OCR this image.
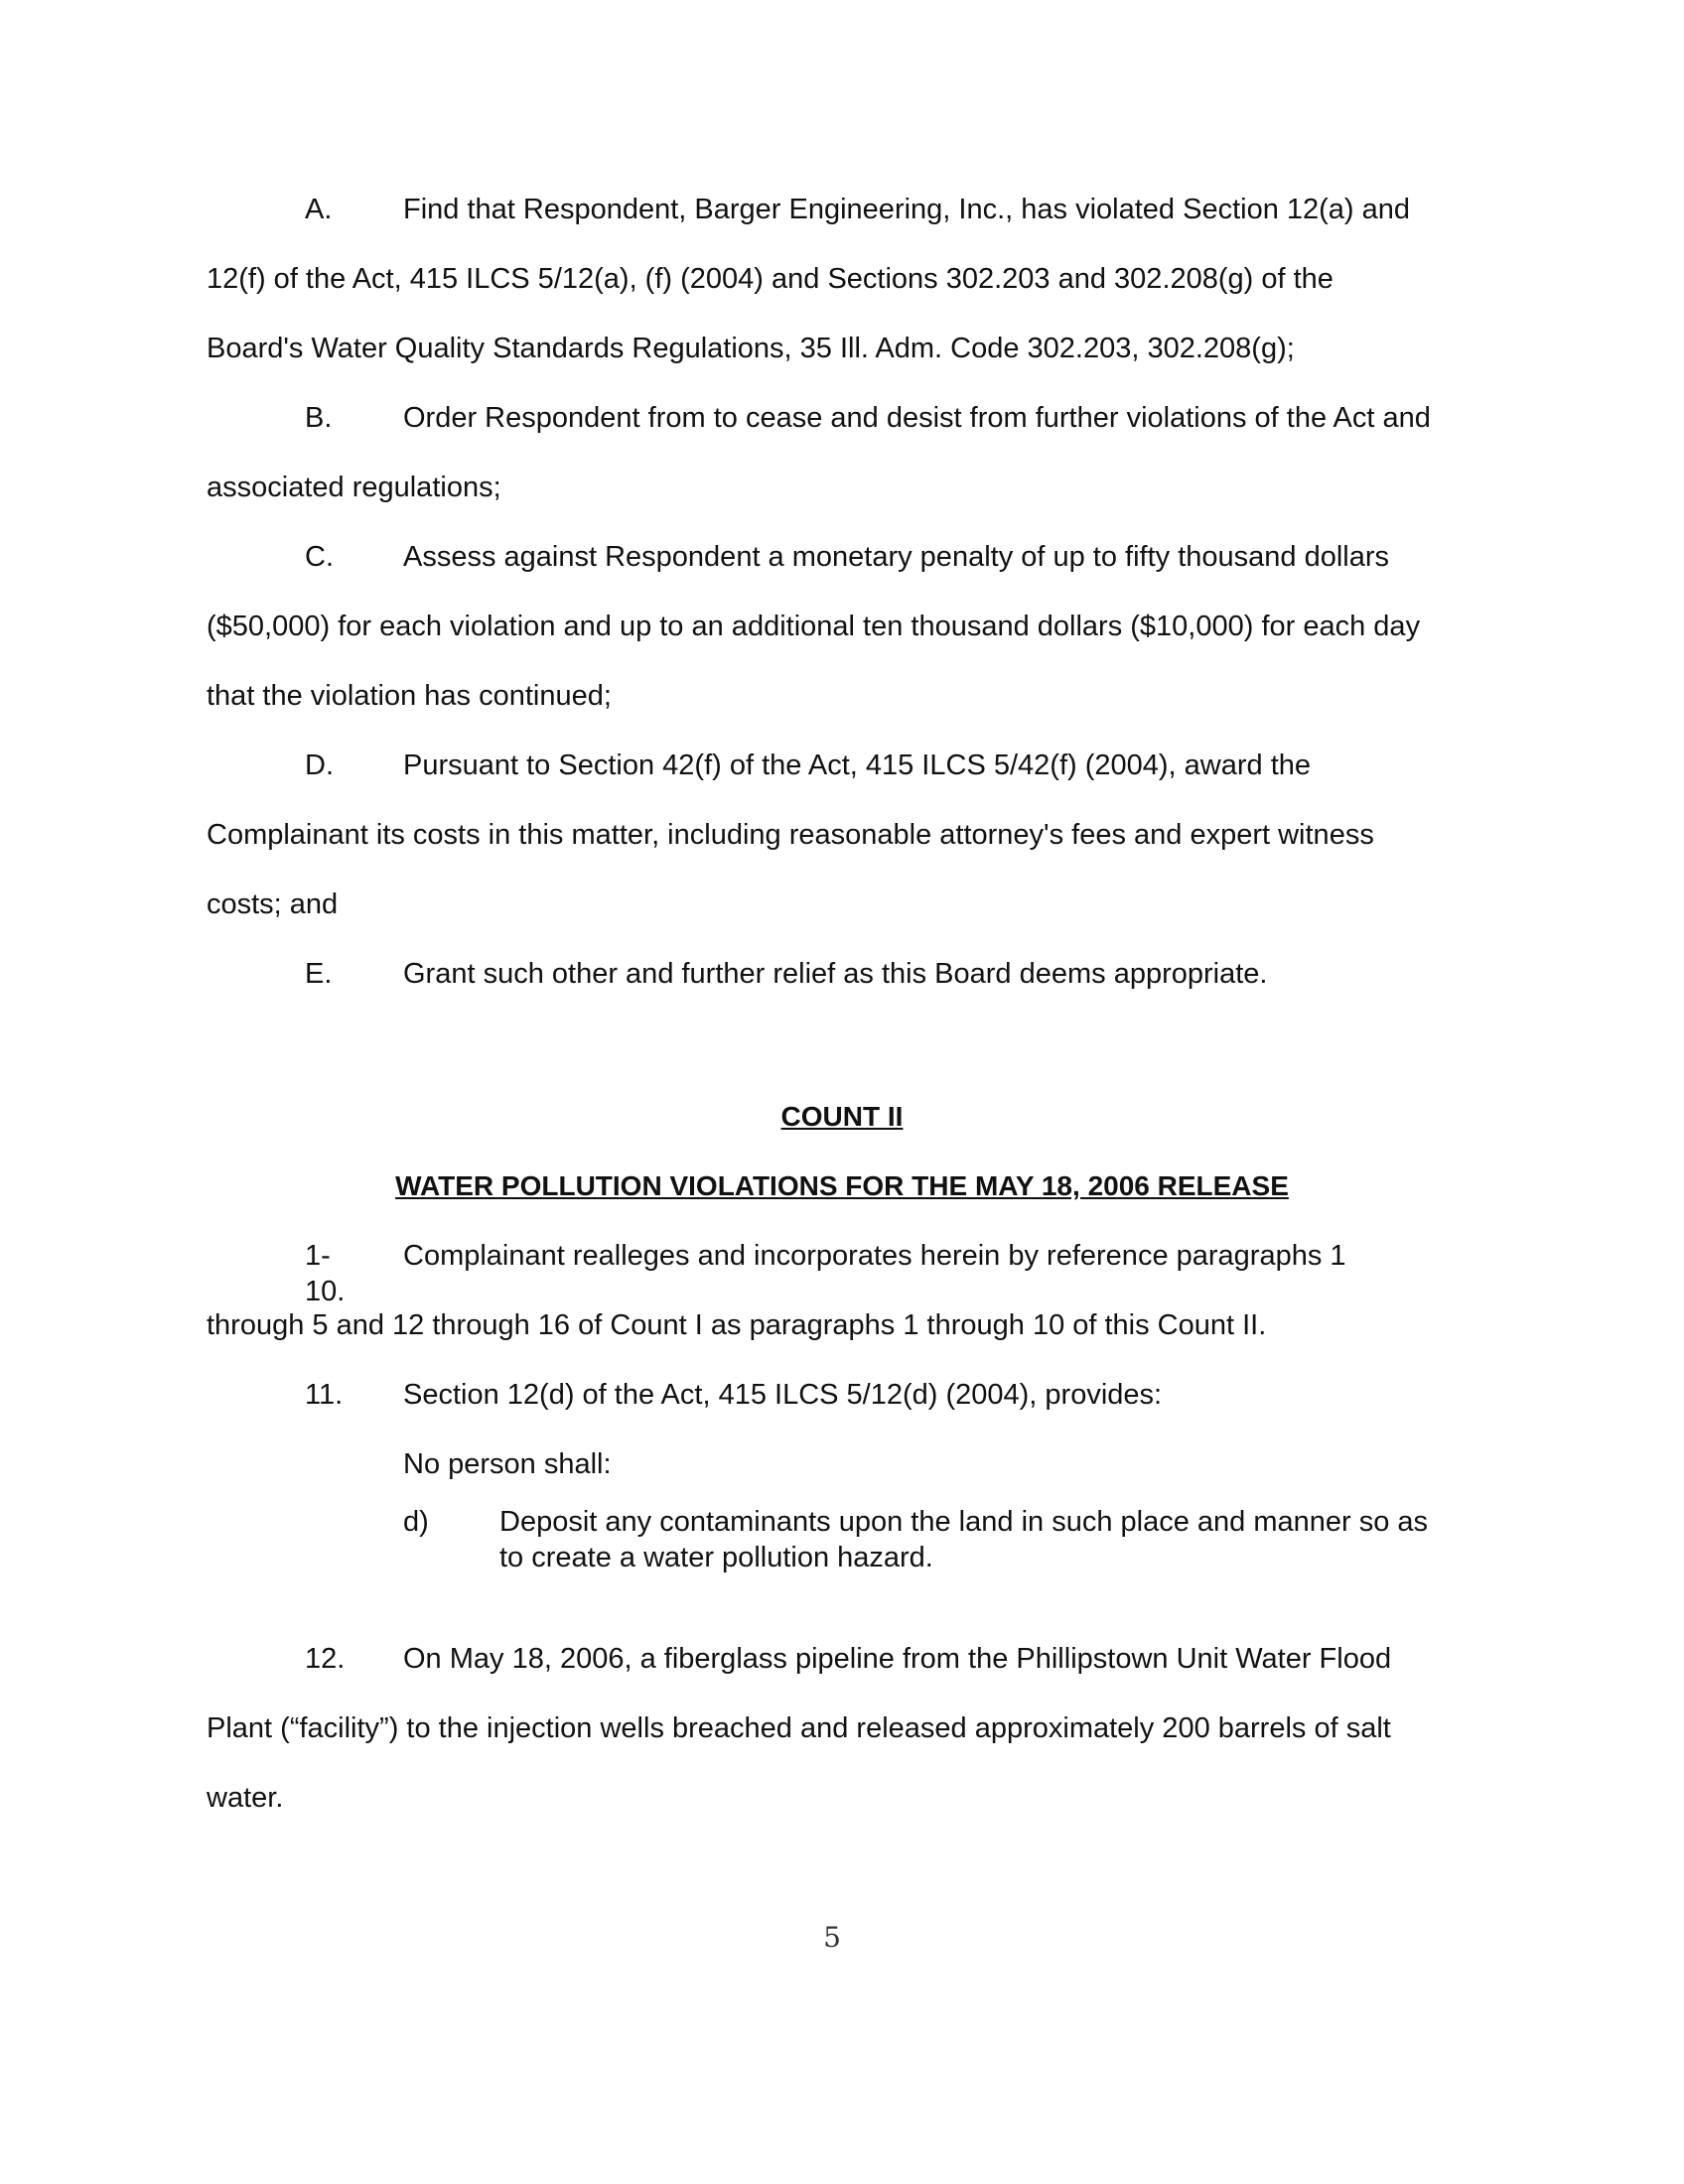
A. Find that Respondent, Barger Engineering, Inc., has violated Section 12(a) and
12(f) of the Act, 415 ILCS 5/12(a), (f) (2004) and Sections 302.203 and 302.208(g) of the
Board's Water Quality Standards Regulations, 35 Ill. Adm. Code 302.203, 302.208(g);
B. Order Respondent from to cease and desist from further violations of the Act and
associated regulations;
C. Assess against Respondent a monetary penalty of up to fifty thousand dollars
($50,000) for each violation and up to an additional ten thousand dollars ($10,000) for each day
that the violation has continued;
D. Pursuant to Section 42(f) of the Act, 415 ILCS 5/42(f) (2004), award the
Complainant its costs in this matter, including reasonable attorney's fees and expert witness
costs; and
E. Grant such other and further relief as this Board deems appropriate.
COUNT II
WATER POLLUTION VIOLATIONS FOR THE MAY 18, 2006 RELEASE
1-10.
Complainant realleges and incorporates herein by reference paragraphs 1
through 5 and 12 through 16 of Count I as paragraphs 1 through 10 of this Count II.
11. Section 12(d) of the Act, 415 ILCS 5/12(d) (2004), provides:
No person shall:
d) Deposit any contaminants upon the land in such place and manner so as
to create a water pollution hazard.
12. On May 18, 2006, a fiberglass pipeline from the Phillipstown Unit Water Flood
Plant (“facility”) to the injection wells breached and released approximately 200 barrels of salt
water.
5
